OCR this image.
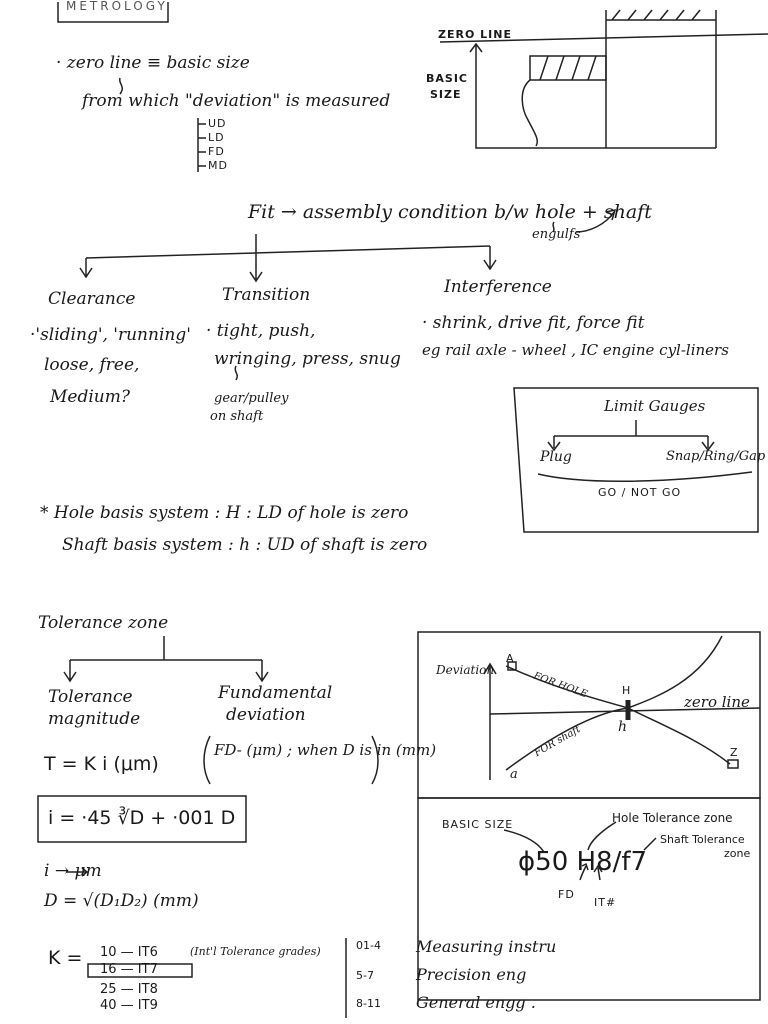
METROLOGY
· zero line ≡ basic size
from which "deviation" is measured
UD
LD
FD
MD
ZERO LINE
BASIC
SIZE
Fit → assembly condition b/w hole + shaft
engulfs
Clearance	Transition	Interference
·'sliding', 'running'
loose, free,
Medium?
· tight, push,
wringing, press, snug
gear/pulley
on shaft
· shrink, drive fit, force fit
eg rail axle - wheel , IC engine cyl-liners
Limit Gauges
Plug	Snap/Ring/Gap
GO / NOT GO
* Hole basis system : H : LD of hole is zero
Shaft basis system : h : UD of shaft is zero
Tolerance zone
Tolerance
magnitude
Fundamental
deviation
T = K i (μm)
FD- (μm) ; when D is in (mm)
i = ·45 ∛D + ·001 D
i → μm
D = √(D₁D₂) (mm)
Deviation
FOR HOLE
FOR shaft
H
h
zero line
A
a
Z
BASIC SIZE	Hole Tolerance zone
Shaft Tolerance
zone
ϕ50 H8/f7
FD
IT#
K = 10 — IT6
16 — IT7
25 — IT8
40 — IT9
(Int'l Tolerance grades)	01-4 Measuring instru
5-7	Precision eng
8-11 General engg .
